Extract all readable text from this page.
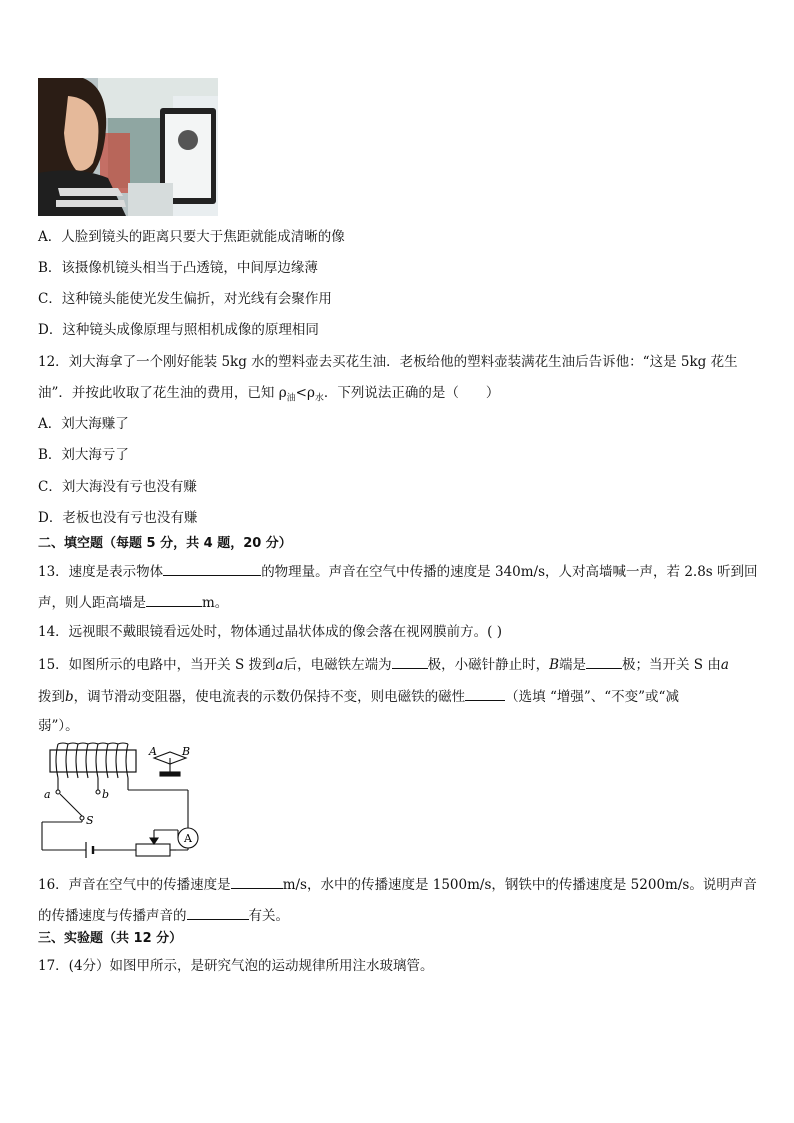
A．人脸到镜头的距离只要大于焦距就能成清晰的像
B．该摄像机镜头相当于凸透镜，中间厚边缘薄
C．这种镜头能使光发生偏折，对光线有会聚作用
D．这种镜头成像原理与照相机成像的原理相同
12．刘大海拿了一个刚好能装 5kg 水的塑料壶去买花生油．老板给他的塑料壶装满花生油后告诉他：“这是 5kg 花生
油”．并按此收取了花生油的费用，已知 $\rho_油<\rho_水$．下列说法正确的是（　　）
A．刘大海赚了
B．刘大海亏了
C．刘大海没有亏也没有赚
D．老板也没有亏也没有赚
二、填空题（每题 5 分，共 4 题，20 分）
13．速度是表示物体	的物理量。声音在空气中传播的速度是 340m/s，人对高墙喊一声，若 2.8s 听到回
声，则人距高墙是	m。
14．远视眼不戴眼镜看远处时，物体通过晶状体成的像会落在视网膜前方。( )
15．如图所示的电路中，当开关 S 拨到a后，电磁铁左端为	极，小磁针静止时，B端是	极；当开关 S 由a
拨到b，调节滑动变阻器，使电流表的示数仍保持不变，则电磁铁的磁性	（选填 “增强”、“不变”或“减
弱”）。
A B
A
a	b
S
16．声音在空气中的传播速度是	m/s，水中的传播速度是 1500m/s，钢铁中的传播速度是 5200m/s。说明声音
的传播速度与传播声音的	有关。
三、实验题（共 12 分）
17．(4分）如图甲所示，是研究气泡的运动规律所用注水玻璃管。
